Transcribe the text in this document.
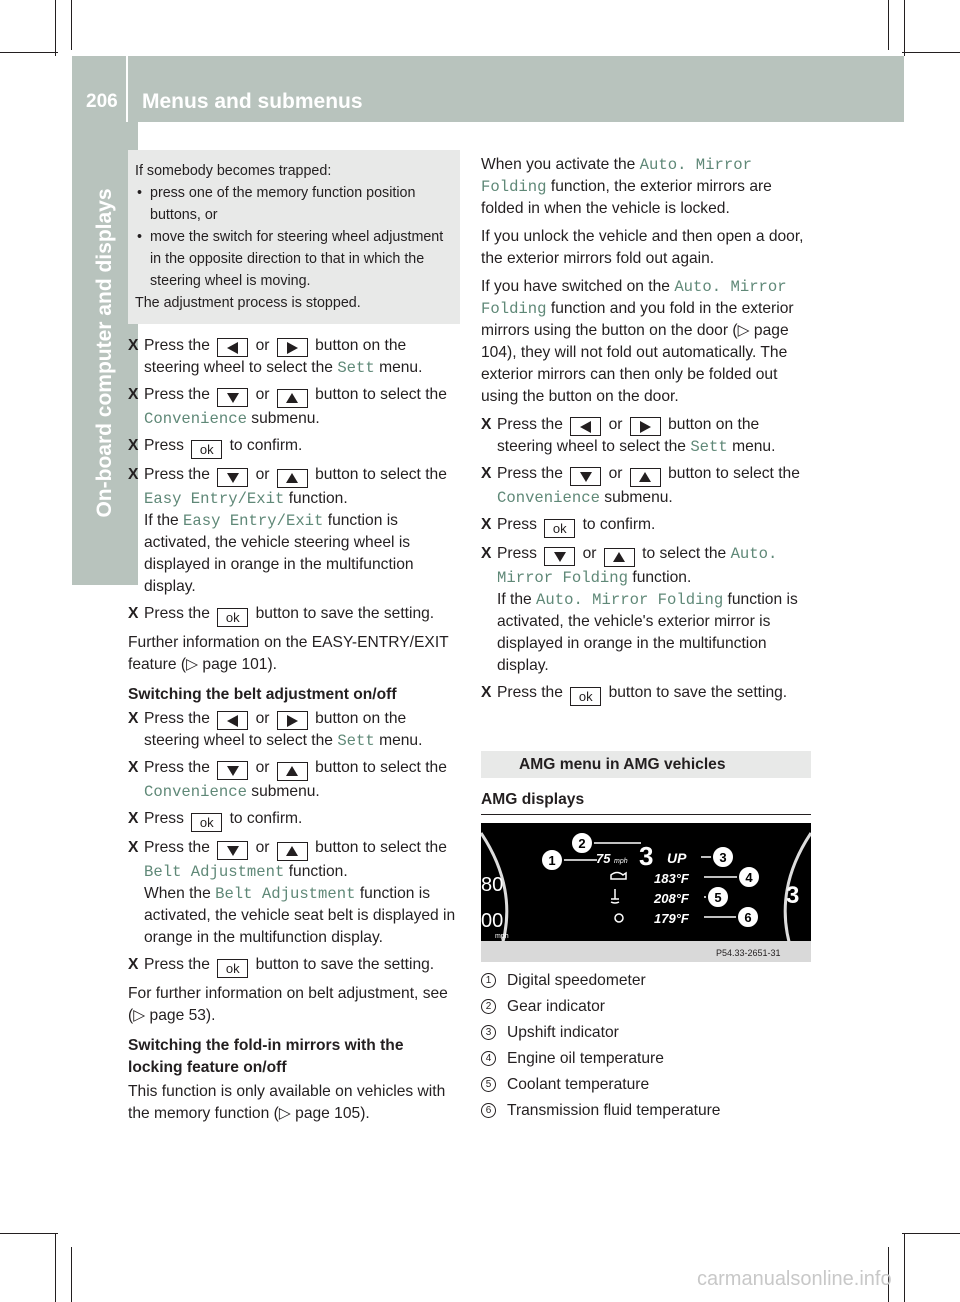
206 Menus and submenus
On-board computer and displays
If somebody becomes trapped:
• press one of the memory function position buttons, or
• move the switch for steering wheel adjustment in the opposite direction to that in which the steering wheel is moving.
The adjustment process is stopped.
X Press the	or	button on the steering wheel to select the Sett menu.
X Press the	or	button to select the Convenience submenu.
X Press ok to confirm.
X Press the	or	button to select the Easy Entry/Exit function.
If the Easy Entry/Exit function is activated, the vehicle steering wheel is displayed in orange in the multifunction display.
X Press the ok button to save the setting.

Further information on the EASY-ENTRY/EXIT feature (▷ page 101).

Switching the belt adjustment on/off
X Press the	or	button on the steering wheel to select the Sett menu.
X Press the	or	button to select the Convenience submenu.
X Press ok to confirm.
X Press the	or	button to select the Belt Adjustment function.
When the Belt Adjustment function is activated, the vehicle seat belt is displayed in orange in the multifunction display.
X Press the ok button to save the setting.

For further information on belt adjustment, see (▷ page 53).

Switching the fold-in mirrors with the locking feature on/off

This function is only available on vehicles with the memory function (▷ page 105).

When you activate the Auto. Mirror Folding function, the exterior mirrors are folded in when the vehicle is locked.

If you unlock the vehicle and then open a door, the exterior mirrors fold out again.

If you have switched on the Auto. Mirror Folding function and you fold in the exterior mirrors using the button on the door (▷ page 104), they will not fold out automatically. The exterior mirrors can then only be folded out using the button on the door.

X Press the	or	button on the steering wheel to select the Sett menu.
X Press the	or	button to select the Convenience submenu.
X Press ok to confirm.
X Press	or	to select the Auto. Mirror Folding function.
If the Auto. Mirror Folding function is activated, the vehicle's exterior mirror is displayed in orange in the multifunction display.
X Press the ok button to save the setting.
AMG menu in AMG vehicles
AMG displays
80
00
mph
75 mph 3 UP
183°F
208°F
179°F
3
P54.33-2651-31
1
2
3
4
5
6
1	Digital speedometer
2	Gear indicator
3	Upshift indicator
4	Engine oil temperature
5	Coolant temperature
6	Transmission fluid temperature
carmanualsonline.info
